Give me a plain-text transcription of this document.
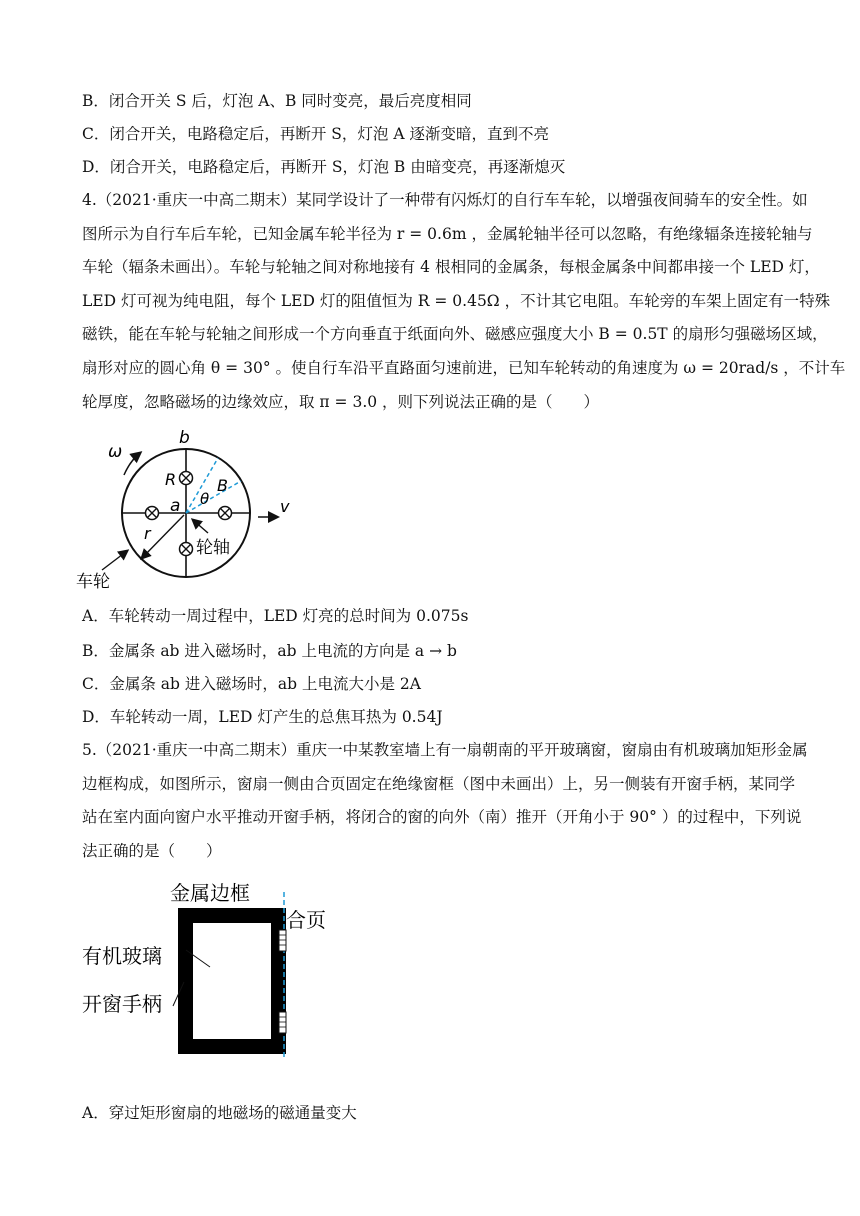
B．闭合开关 S 后，灯泡 A、B 同时变亮，最后亮度相同
C．闭合开关，电路稳定后，再断开 S，灯泡 A 逐渐变暗，直到不亮
D．闭合开关，电路稳定后，再断开 S，灯泡 B 由暗变亮，再逐渐熄灭
4.（2021·重庆一中高二期末）某同学设计了一种带有闪烁灯的自行车车轮，以增强夜间骑车的安全性。如
图所示为自行车后车轮，已知金属车轮半径为 r = 0.6m ，金属轮轴半径可以忽略，有绝缘辐条连接轮轴与
车轮（辐条未画出）。车轮与轮轴之间对称地接有 4 根相同的金属条，每根金属条中间都串接一个 LED 灯，
LED 灯可视为纯电阻，每个 LED 灯的阻值恒为 R = 0.45Ω ，不计其它电阻。车轮旁的车架上固定有一特殊
磁铁，能在车轮与轮轴之间形成一个方向垂直于纸面向外、磁感应强度大小 B = 0.5T 的扇形匀强磁场区域，
扇形对应的圆心角 θ = 30° 。使自行车沿平直路面匀速前进，已知车轮转动的角速度为 ω = 20rad/s ，不计车
轮厚度，忽略磁场的边缘效应，取 π = 3.0 ，则下列说法正确的是（　　）
ω
b
R	B
θ
a	v
r
轮轴
车轮
A．车轮转动一周过程中，LED 灯亮的总时间为 0.075s
B．金属条 ab 进入磁场时，ab 上电流的方向是 a → b
C．金属条 ab 进入磁场时，ab 上电流大小是 2A
D．车轮转动一周，LED 灯产生的总焦耳热为 0.54J
5.（2021·重庆一中高二期末）重庆一中某教室墙上有一扇朝南的平开玻璃窗，窗扇由有机玻璃加矩形金属
边框构成，如图所示，窗扇一侧由合页固定在绝缘窗框（图中未画出）上，另一侧装有开窗手柄，某同学
站在室内面向窗户水平推动开窗手柄，将闭合的窗的向外（南）推开（开角小于 90° ）的过程中，下列说
法正确的是（　　）
金属边框
合页
有机玻璃
开窗手柄
A．穿过矩形窗扇的地磁场的磁通量变大
